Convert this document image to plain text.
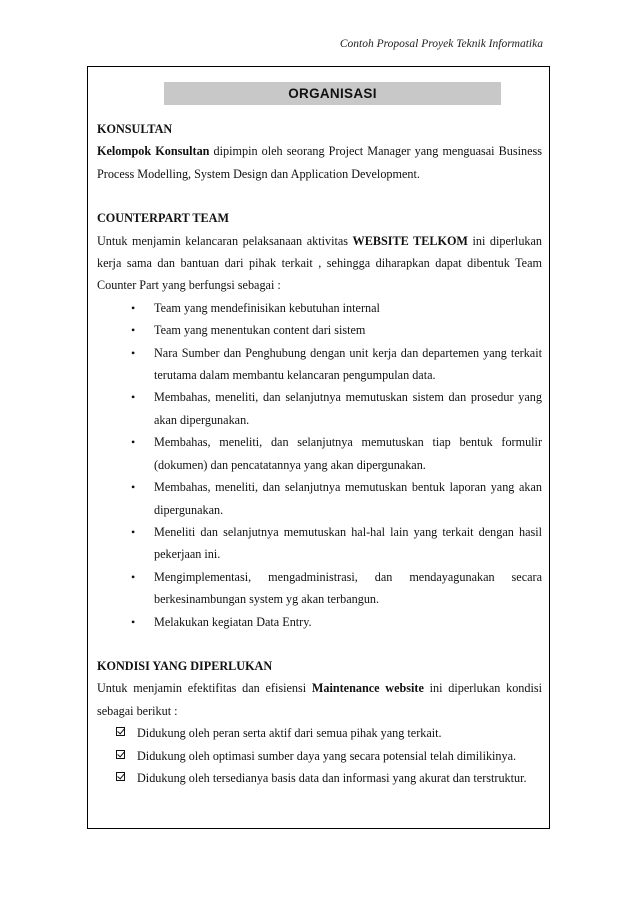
Contoh Proposal Proyek Teknik Informatika
ORGANISASI
KONSULTAN

Kelompok Konsultan dipimpin oleh seorang Project Manager yang menguasai Business Process Modelling, System Design dan Application Development.

COUNTERPART TEAM

Untuk menjamin kelancaran pelaksanaan aktivitas WEBSITE TELKOM ini diperlukan kerja sama dan bantuan dari pihak terkait , sehingga diharapkan dapat dibentuk Team Counter Part yang berfungsi sebagai :

• Team yang mendefinisikan kebutuhan internal
• Team yang menentukan content dari sistem
• Nara Sumber dan Penghubung dengan unit kerja dan departemen yang terkait terutama dalam membantu kelancaran pengumpulan data.
• Membahas, meneliti, dan selanjutnya memutuskan sistem dan prosedur yang akan dipergunakan.
• Membahas, meneliti, dan selanjutnya memutuskan tiap bentuk formulir (dokumen) dan pencatatannya yang akan dipergunakan.
• Membahas, meneliti, dan selanjutnya memutuskan bentuk laporan yang akan dipergunakan.
• Meneliti dan selanjutnya memutuskan hal-hal lain yang terkait dengan hasil pekerjaan ini.
• Mengimplementasi, mengadministrasi, dan mendayagunakan secara berkesinambungan system yg akan terbangun.
• Melakukan kegiatan Data Entry.
KONDISI YANG DIPERLUKAN

Untuk menjamin efektifitas dan efisiensi Maintenance website ini diperlukan kondisi sebagai berikut :

Didukung oleh peran serta aktif dari semua pihak yang terkait.
Didukung oleh optimasi sumber daya yang secara potensial telah dimilikinya.
Didukung oleh tersedianya basis data dan informasi yang akurat dan terstruktur.
